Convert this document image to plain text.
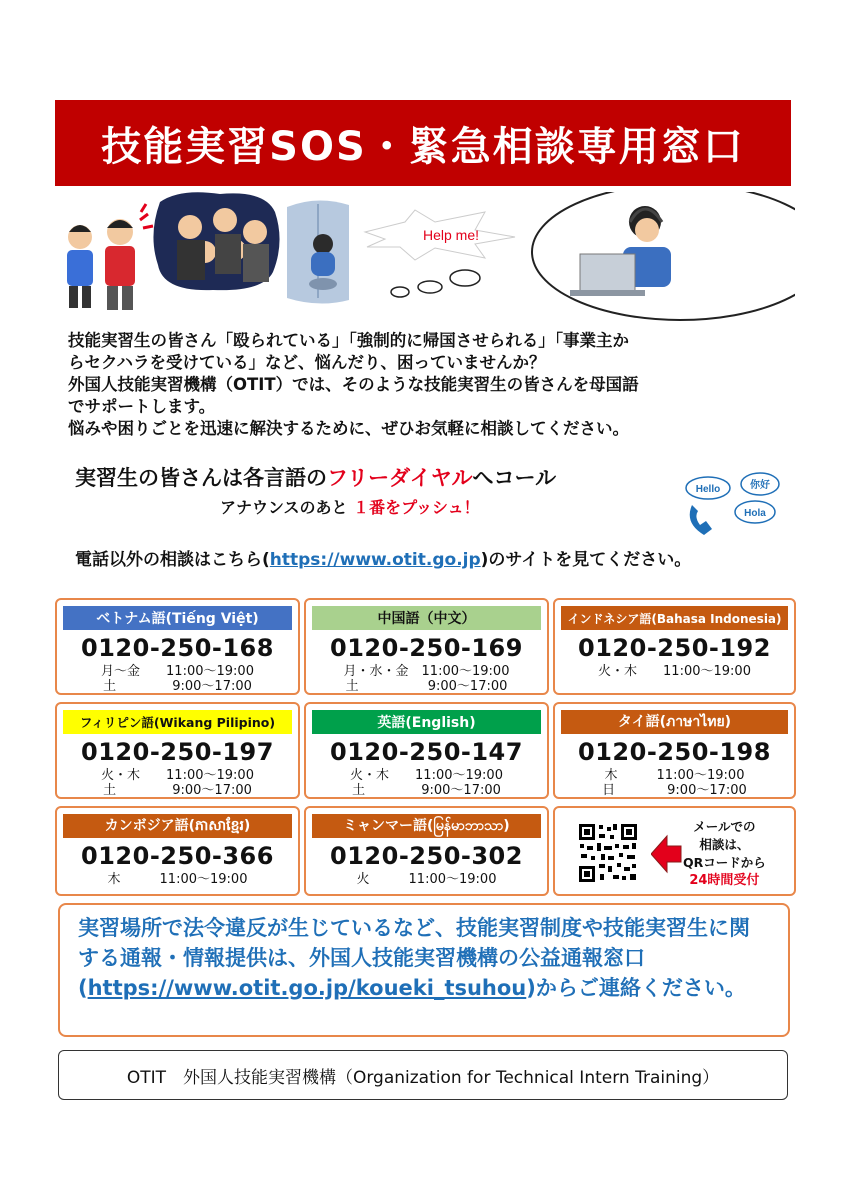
技能実習SOS・緊急相談専用窓口
Help me!

技能実習生の皆さん「殴られている」「強制的に帰国させられる」「事業主か
らセクハラを受けている」など、悩んだり、困っていませんか？

外国人技能実習機構（OTIT）では、そのような技能実習生の皆さんを母国語
でサポートします。

悩みや困りごとを迅速に解決するために、ぜひお気軽に相談してください。

実習生の皆さんは各言語のフリーダイヤルへコール
アナウンスのあと １番をプッシュ！
Hello	你好
Hola
電話以外の相談はこちら(https://www.otit.go.jp)のサイトを見てください。
ベトナム語(Tiếng Việt)
0120-250-168
月～金　　11:00～19:00
土　　　　 9:00～17:00
中国語（中文）
0120-250-169
月・水・金　11:00～19:00
土　　　　　 9:00～17:00
インドネシア語(Bahasa Indonesia)
0120-250-192
火・木　　11:00～19:00
フィリピン語(Wikang Pilipino)
0120-250-197
火・木　　11:00～19:00
土　　　　 9:00～17:00
英語(English)
0120-250-147
火・木　　11:00～19:00
土　　　　 9:00～17:00
タイ語(ภาษาไทย)
0120-250-198
木　　　11:00～19:00
日　　　　9:00～17:00
カンボジア語(ភាសាខ្មែរ)
0120-250-366
木　　　11:00～19:00
ミャンマー語(မြန်မာဘာသာ)
0120-250-302
火　　　11:00～19:00
メールでの
相談は、
QRコードから
24時間受付
実習場所で法令違反が生じているなど、技能実習制度や技能実習生に関する通報・情報提供は、外国人技能実習機構の公益通報窓口(https://www.otit.go.jp/koueki_tsuhou)からご連絡ください。
OTIT　外国人技能実習機構（Organization for Technical Intern Training）
